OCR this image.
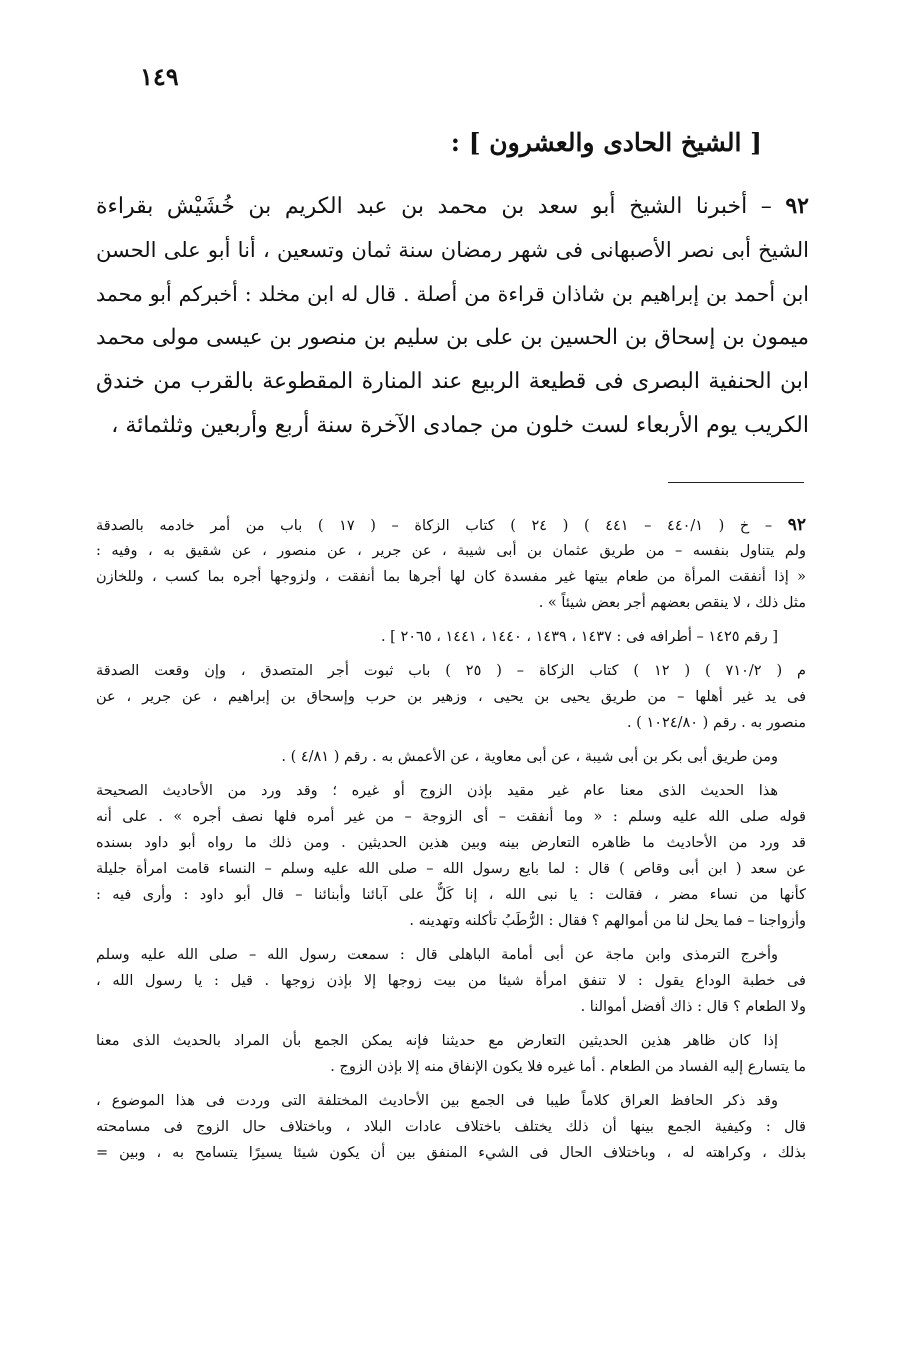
١٤٩
[ الشيخ الحادى والعشرون ] :
٩٢ – أخبرنا الشيخ أبو سعد بن محمد بن عبد الكريم بن خُشَيْش بقراءة
الشيخ أبى نصر الأصبهانى فى شهر رمضان سنة ثمان وتسعين ، أنا أبو على الحسن
ابن أحمد بن إبراهيم بن شاذان قراءة من أصلة . قال له ابن مخلد : أخبركم أبو محمد
ميمون بن إسحاق بن الحسين بن على بن سليم بن منصور بن عيسى مولى محمد
ابن الحنفية البصرى فى قطيعة الربيع عند المنارة المقطوعة بالقرب من خندق
الكريب يوم الأربعاء لست خلون من جمادى الآخرة سنة أربع وأربعين وثلثمائة ،
٩٢ – خ ( ٤٤٠/١ – ٤٤١ ) ( ٢٤ ) كتاب الزكاة – ( ١٧ ) باب من أمر خادمه بالصدقة
ولم يتناول بنفسه – من طريق عثمان بن أبى شيبة ، عن جرير ، عن منصور ، عن شقيق به ، وفيه :
« إذا أنفقت المرأة من طعام بيتها غير مفسدة كان لها أجرها بما أنفقت ، ولزوجها أجره بما كسب ، وللخازن
مثل ذلك ، لا ينقص بعضهم أجر بعض شيئاً » .
[ رقم ١٤٢٥ – أطرافه فى : ١٤٣٧ ، ١٤٣٩ ، ١٤٤٠ ، ١٤٤١ ، ٢٠٦٥ ] .
م ( ٧١٠/٢ ) ( ١٢ ) كتاب الزكاة – ( ٢٥ ) باب ثبوت أجر المتصدق ، وإن وقعت الصدقة
فى يد غير أهلها – من طريق يحيى بن يحيى ، وزهير بن حرب وإسحاق بن إبراهيم ، عن جرير ، عن
منصور به . رقم ( ١٠٢٤/٨٠ ) .
ومن طريق أبى بكر بن أبى شيبة ، عن أبى معاوية ، عن الأعمش به . رقم ( ٤/٨١ ) .
هذا الحديث الذى معنا عام غير مقيد بإذن الزوج أو غيره ؛ وقد ورد من الأحاديث الصحيحة
قوله صلى الله عليه وسلم : « وما أنفقت – أى الزوجة – من غير أمره فلها نصف أجره » . على أنه
قد ورد من الأحاديث ما ظاهره التعارض بينه وبين هذين الحديثين . ومن ذلك ما رواه أبو داود بسنده
عن سعد ( ابن أبى وقاص ) قال : لما بايع رسول الله – صلى الله عليه وسلم – النساء قامت امرأة جليلة
كأنها من نساء مضر ، فقالت : يا نبى الله ، إنا كَلٌّ على آبائنا وأبنائنا – قال أبو داود : وأرى فيه :
وأزواجنا – فما يحل لنا من أموالهم ؟ فقال : الرُّطَبُ تأكلنه وتهدينه .
وأخرج الترمذى وابن ماجة عن أبى أمامة الباهلى قال : سمعت رسول الله – صلى الله عليه وسلم
فى خطبة الوداع يقول : لا تنفق امرأة شيئا من بيت زوجها إلا بإذن زوجها . قيل : يا رسول الله ،
ولا الطعام ؟ قال : ذاك أفضل أموالنا .
إذا كان ظاهر هذين الحديثين التعارض مع حديثنا فإنه يمكن الجمع بأن المراد بالحديث الذى معنا
ما يتسارع إليه الفساد من الطعام . أما غيره فلا يكون الإنفاق منه إلا بإذن الزوج .
وقد ذكر الحافظ العراق كلاماً طيبا فى الجمع بين الأحاديث المختلفة التى وردت فى هذا الموضوع ،
قال : وكيفية الجمع بينها أن ذلك يختلف باختلاف عادات البلاد ، وباختلاف حال الزوج فى مسامحته
بذلك ، وكراهته له ، وباختلاف الحال فى الشيء المنفق بين أن يكون شيئا يسيرًا يتسامح به ، وبين =
